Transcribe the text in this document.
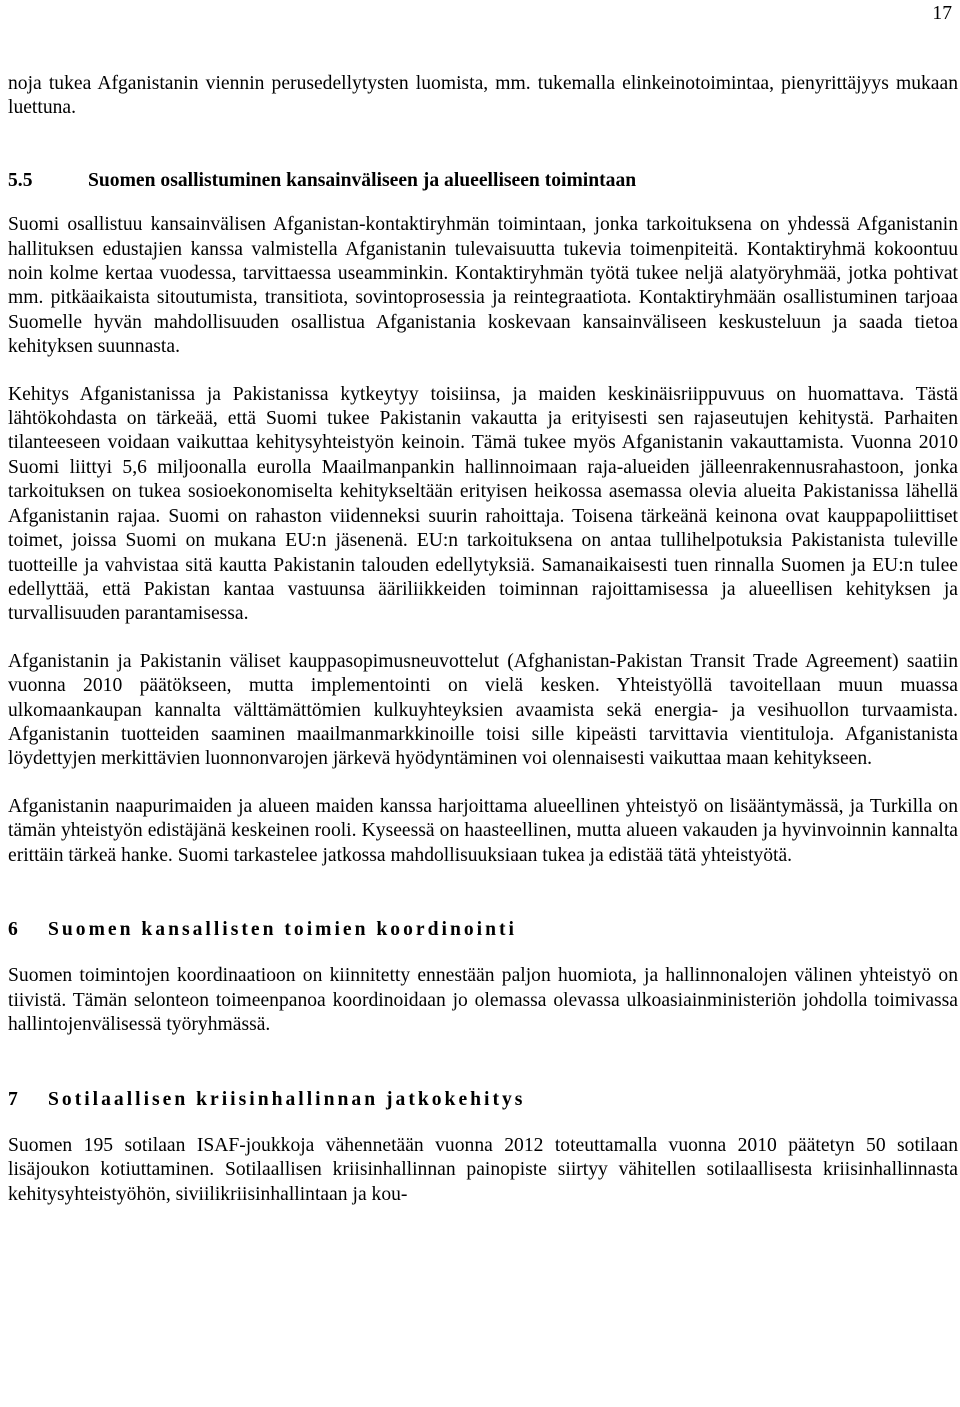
17

noja tukea Afganistanin viennin perusedellytysten luomista, mm. tukemalla elinkeinotoimintaa, pienyrittäjyys mukaan luettuna.

5.5	Suomen osallistuminen kansainväliseen ja alueelliseen toimintaan

Suomi osallistuu kansainvälisen Afganistan-kontaktiryhmän toimintaan, jonka tarkoituksena on yhdessä Afganistanin hallituksen edustajien kanssa valmistella Afganistanin tulevaisuutta tukevia toimenpiteitä. Kontaktiryhmä kokoontuu noin kolme kertaa vuodessa, tarvittaessa useamminkin. Kontaktiryhmän työtä tukee neljä alatyöryhmää, jotka pohtivat mm. pitkäaikaista sitoutumista, transitiota, sovintoprosessia ja reintegraatiota. Kontaktiryhmään osallistuminen tarjoaa Suomelle hyvän mahdollisuuden osallistua Afganistania koskevaan kansainväliseen keskusteluun ja saada tietoa kehityksen suunnasta.

Kehitys Afganistanissa ja Pakistanissa kytkeytyy toisiinsa, ja maiden keskinäisriippuvuus on huomattava. Tästä lähtökohdasta on tärkeää, että Suomi tukee Pakistanin vakautta ja erityisesti sen rajaseutujen kehitystä. Parhaiten tilanteeseen voidaan vaikuttaa kehitysyhteistyön keinoin. Tämä tukee myös Afganistanin vakauttamista. Vuonna 2010 Suomi liittyi 5,6 miljoonalla eurolla Maailmanpankin hallinnoimaan raja-alueiden jälleenrakennusrahastoon, jonka tarkoituksen on tukea sosioekonomiselta kehitykseltään erityisen heikossa asemassa olevia alueita Pakistanissa lähellä Afganistanin rajaa. Suomi on rahaston viidenneksi suurin rahoittaja. Toisena tärkeänä keinona ovat kauppapoliittiset toimet, joissa Suomi on mukana EU:n jäsenenä. EU:n tarkoituksena on antaa tullihelpotuksia Pakistanista tuleville tuotteille ja vahvistaa sitä kautta Pakistanin talouden edellytyksiä. Samanaikaisesti tuen rinnalla Suomen ja EU:n tulee edellyttää, että Pakistan kantaa vastuunsa ääriliikkeiden toiminnan rajoittamisessa ja alueellisen kehityksen ja turvallisuuden parantamisessa.

Afganistanin ja Pakistanin väliset kauppasopimusneuvottelut (Afghanistan-Pakistan Transit Trade Agreement) saatiin vuonna 2010 päätökseen, mutta implementointi on vielä kesken. Yhteistyöllä tavoitellaan muun muassa ulkomaankaupan kannalta välttämättömien kulkuyhteyksien avaamista sekä energia- ja vesihuollon turvaamista. Afganistanin tuotteiden saaminen maailmanmarkkinoille toisi sille kipeästi tarvittavia vientituloja. Afganistanista löydettyjen merkittävien luonnonvarojen järkevä hyödyntäminen voi olennaisesti vaikuttaa maan kehitykseen.

Afganistanin naapurimaiden ja alueen maiden kanssa harjoittama alueellinen yhteistyö on lisääntymässä, ja Turkilla on tämän yhteistyön edistäjänä keskeinen rooli. Kyseessä on haasteellinen, mutta alueen vakauden ja hyvinvoinnin kannalta erittäin tärkeä hanke. Suomi tarkastelee jatkossa mahdollisuuksiaan tukea ja edistää tätä yhteistyötä.

6	Suomen kansallisten toimien koordinointi

Suomen toimintojen koordinaatioon on kiinnitetty ennestään paljon huomiota, ja hallinnonalojen välinen yhteistyö on tiivistä. Tämän selonteon toimeenpanoa koordinoidaan jo olemassa olevassa ulkoasiainministeriön johdolla toimivassa hallintojenvälisessä työryhmässä.

7	Sotilaallisen kriisinhallinnan jatkokehitys

Suomen 195 sotilaan ISAF-joukkoja vähennetään vuonna 2012 toteuttamalla vuonna 2010 päätetyn 50 sotilaan lisäjoukon kotiuttaminen. Sotilaallisen kriisinhallinnan painopiste siirtyy vähitellen sotilaallisesta kriisinhallinnasta kehitysyhteistyöhön, siviilikriisinhallintaan ja kou-
